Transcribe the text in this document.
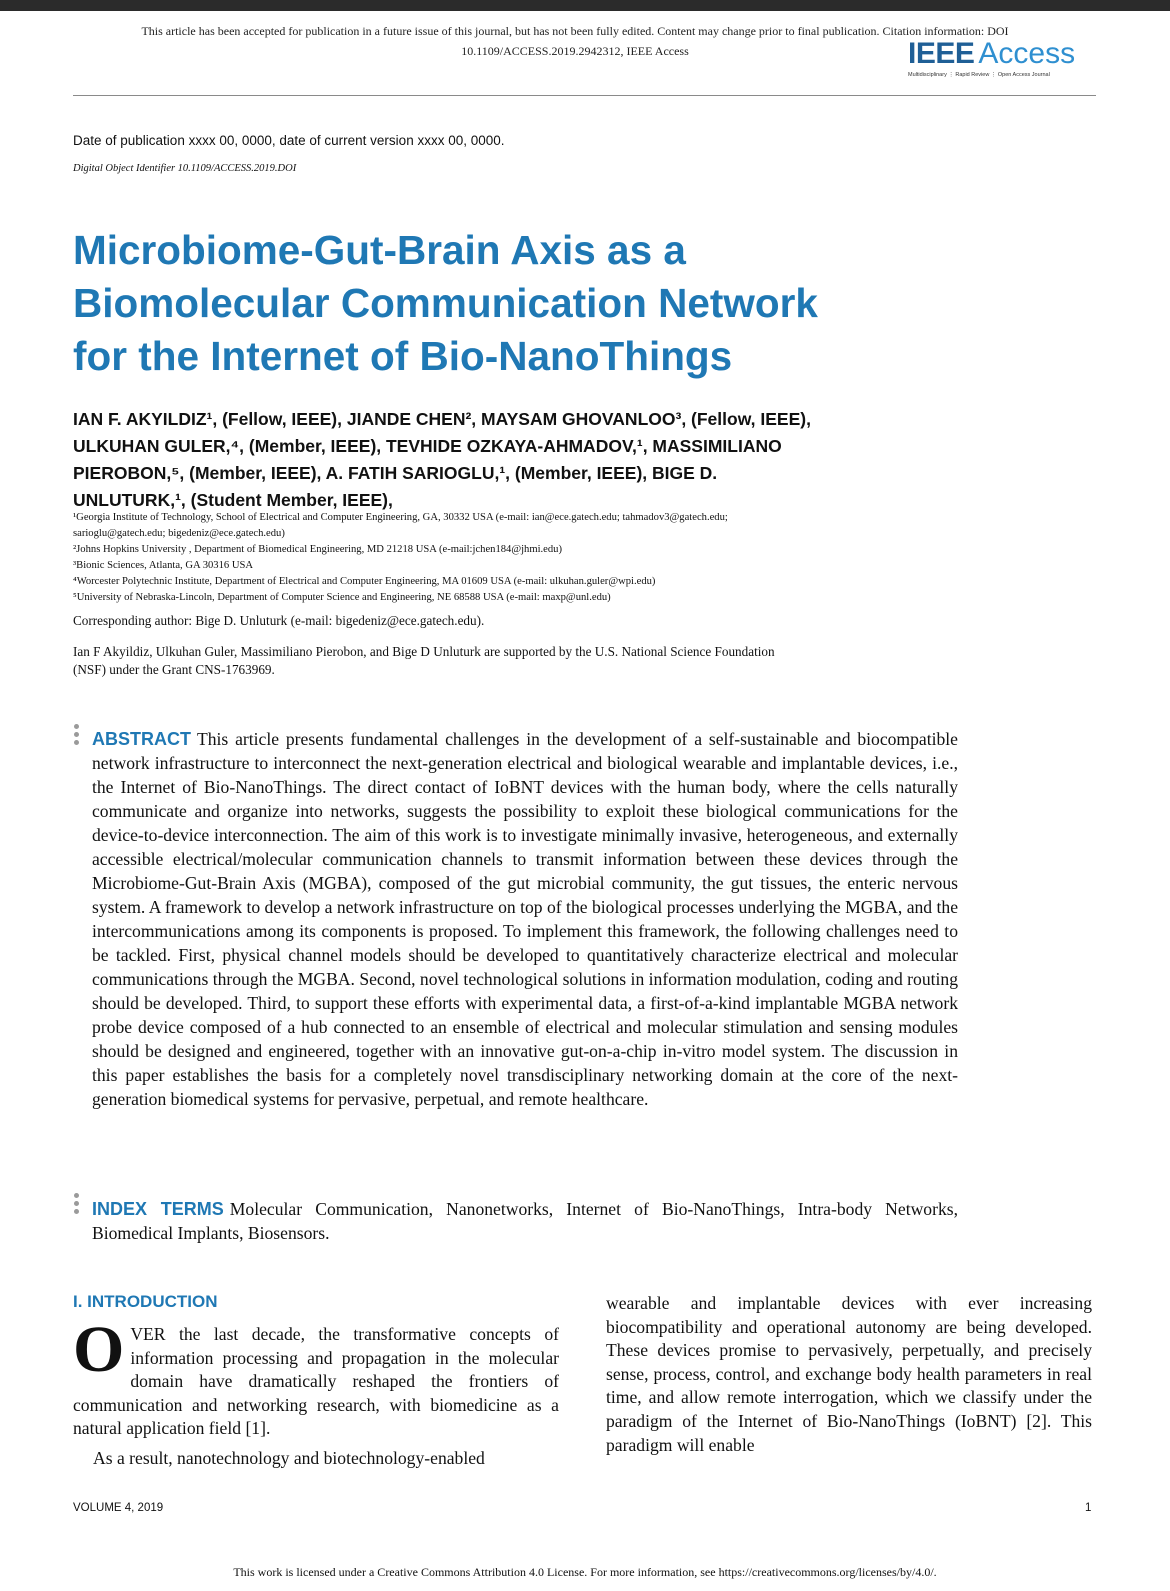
This article has been accepted for publication in a future issue of this journal, but has not been fully edited. Content may change prior to final publication. Citation information: DOI
10.1109/ACCESS.2019.2942312, IEEE Access	IEEE Access
Multidisciplinary ⋮ Rapid Review ⋮ Open Access Journal
Date of publication xxxx 00, 0000, date of current version xxxx 00, 0000.
Digital Object Identifier 10.1109/ACCESS.2019.DOI
Microbiome-Gut-Brain Axis as a
Biomolecular Communication Network
for the Internet of Bio-NanoThings
IAN F. AKYILDIZ¹, (Fellow, IEEE), JIANDE CHEN², MAYSAM GHOVANLOO³, (Fellow, IEEE),
ULKUHAN GULER,⁴, (Member, IEEE), TEVHIDE OZKAYA-AHMADOV,¹, MASSIMILIANO
PIEROBON,⁵, (Member, IEEE), A. FATIH SARIOGLU,¹, (Member, IEEE), BIGE D.
UNLUTURK,¹, (Student Member, IEEE),
¹Georgia Institute of Technology, School of Electrical and Computer Engineering, GA, 30332 USA (e-mail: ian@ece.gatech.edu; tahmadov3@gatech.edu;
sarioglu@gatech.edu; bigedeniz@ece.gatech.edu)
²Johns Hopkins University , Department of Biomedical Engineering, MD 21218 USA (e-mail:jchen184@jhmi.edu)
³Bionic Sciences, Atlanta, GA 30316 USA
⁴Worcester Polytechnic Institute, Department of Electrical and Computer Engineering, MA 01609 USA (e-mail: ulkuhan.guler@wpi.edu)
⁵University of Nebraska-Lincoln, Department of Computer Science and Engineering, NE 68588 USA (e-mail: maxp@unl.edu)
Corresponding author: Bige D. Unluturk (e-mail: bigedeniz@ece.gatech.edu).
Ian F Akyildiz, Ulkuhan Guler, Massimiliano Pierobon, and Bige D Unluturk are supported by the U.S. National Science Foundation
(NSF) under the Grant CNS-1763969.
ABSTRACT This article presents fundamental challenges in the development of a self-sustainable and biocompatible network infrastructure to interconnect the next-generation electrical and biological wearable and implantable devices, i.e., the Internet of Bio-NanoThings. The direct contact of IoBNT devices with the human body, where the cells naturally communicate and organize into networks, suggests the possibility to exploit these biological communications for the device-to-device interconnection. The aim of this work is to investigate minimally invasive, heterogeneous, and externally accessible electrical/molecular communication channels to transmit information between these devices through the Microbiome-Gut-Brain Axis (MGBA), composed of the gut microbial community, the gut tissues, the enteric nervous system. A framework to develop a network infrastructure on top of the biological processes underlying the MGBA, and the intercommunications among its components is proposed. To implement this framework, the following challenges need to be tackled. First, physical channel models should be developed to quantitatively characterize electrical and molecular communications through the MGBA. Second, novel technological solutions in information modulation, coding and routing should be developed. Third, to support these efforts with experimental data, a first-of-a-kind implantable MGBA network probe device composed of a hub connected to an ensemble of electrical and molecular stimulation and sensing modules should be designed and engineered, together with an innovative gut-on-a-chip in-vitro model system. The discussion in this paper establishes the basis for a completely novel transdisciplinary networking domain at the core of the next-generation biomedical systems for pervasive, perpetual, and remote healthcare.
INDEX TERMS Molecular Communication, Nanonetworks, Internet of Bio-NanoThings, Intra-body Networks, Biomedical Implants, Biosensors.
I. INTRODUCTION

OVER the last decade, the transformative concepts of information processing and propagation in the molecular domain have dramatically reshaped the frontiers of communication and networking research, with biomedicine as a natural application field [1].

As a result, nanotechnology and biotechnology-enabled

wearable and implantable devices with ever increasing biocompatibility and operational autonomy are being developed. These devices promise to pervasively, perpetually, and precisely sense, process, control, and exchange body health parameters in real time, and allow remote interrogation, which we classify under the paradigm of the Internet of Bio-NanoThings (IoBNT) [2]. This paradigm will enable

VOLUME 4, 2019	1
This work is licensed under a Creative Commons Attribution 4.0 License. For more information, see https://creativecommons.org/licenses/by/4.0/.
